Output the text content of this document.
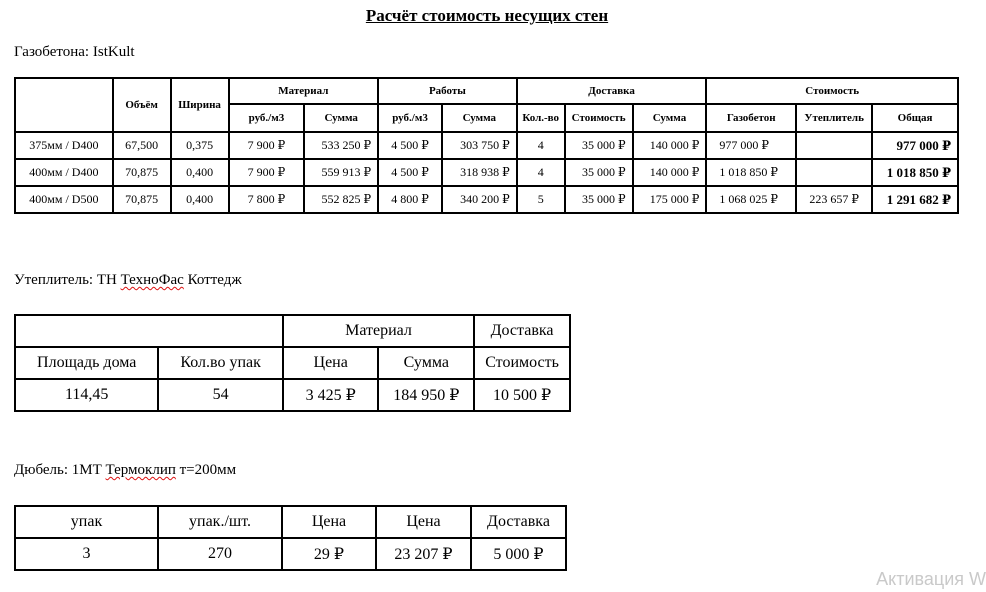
Расчёт стоимость несущих стен
Газобетона: IstKult
	Объём	Ширина	Материал		Работы		Доставка			Стоимость		
			руб./м3	Сумма	руб./м3	Сумма	Кол.-во	Стоимость	Сумма	Газобетон	Утеплитель	Общая
375мм / D400	67,500	0,375	7 900 ₽	533 250 ₽	4 500 ₽	303 750 ₽	4	35 000 ₽	140 000 ₽	977 000 ₽		977 000 ₽
400мм / D400	70,875	0,400	7 900 ₽	559 913 ₽	4 500 ₽	318 938 ₽	4	35 000 ₽	140 000 ₽	1 018 850 ₽		1 018 850 ₽
400мм / D500	70,875	0,400	7 800 ₽	552 825 ₽	4 800 ₽	340 200 ₽	5	35 000 ₽	175 000 ₽	1 068 025 ₽	223 657 ₽	1 291 682 ₽
Утеплитель: ТН ТехноФас Коттедж
		Материал		Доставка
Площадь дома	Кол.во упак	Цена	Сумма	Стоимость
114,45	54	3 425 ₽	184 950 ₽	10 500 ₽
Дюбель: 1МТ Термоклип т=200мм
упак	упак./шт.	Цена	Цена	Доставка
3	270	29 ₽	23 207 ₽	5 000 ₽
Активация W
